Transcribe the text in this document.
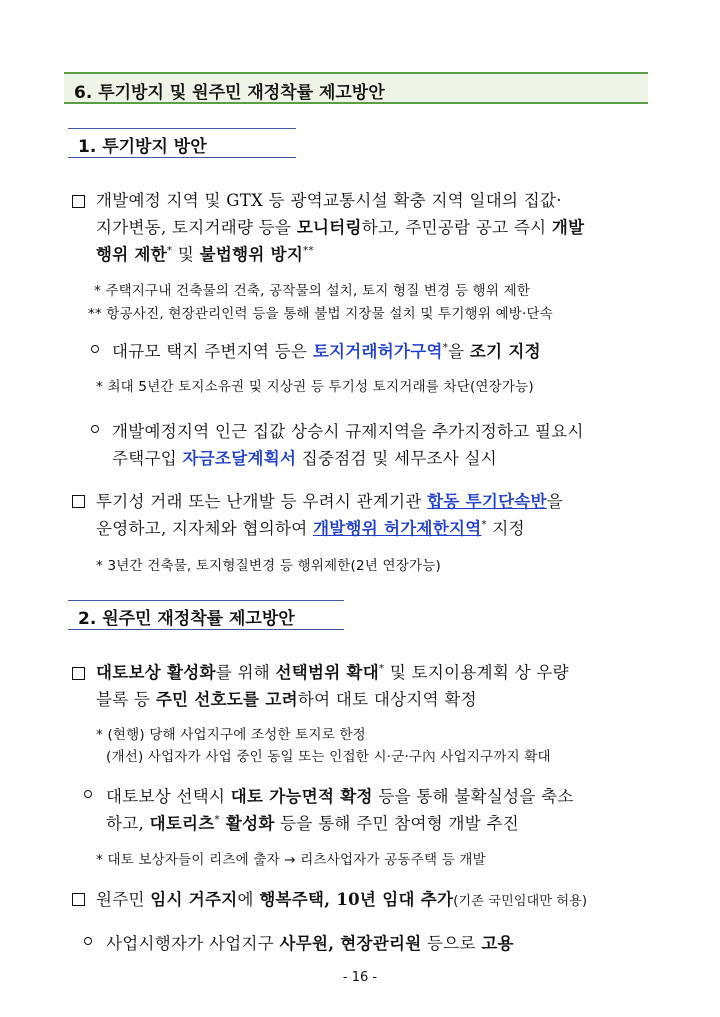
6. 투기방지 및 원주민 재정착률 제고방안
1. 투기방지 방안
개발예정 지역 및 GTX 등 광역교통시설 확충 지역 일대의 집값·
지가변동, 토지거래량 등을 모니터링하고, 주민공람 공고 즉시 개발
행위 제한* 및 불법행위 방지**
* 주택지구내 건축물의 건축, 공작물의 설치, 토지 형질 변경 등 행위 제한
** 항공사진, 현장관리인력 등을 통해 불법 지장물 설치 및 투기행위 예방·단속
대규모 택지 주변지역 등은 토지거래허가구역*을 조기 지정
* 최대 5년간 토지소유권 및 지상권 등 투기성 토지거래를 차단(연장가능)
개발예정지역 인근 집값 상승시 규제지역을 추가지정하고 필요시
주택구입 자금조달계획서 집중점검 및 세무조사 실시
투기성 거래 또는 난개발 등 우려시 관계기관 합동 투기단속반을
운영하고, 지자체와 협의하여 개발행위 허가제한지역* 지정
* 3년간 건축물, 토지형질변경 등 행위제한(2년 연장가능)
2. 원주민 재정착률 제고방안
대토보상 활성화를 위해 선택범위 확대* 및 토지이용계획 상 우량
블록 등 주민 선호도를 고려하여 대토 대상지역 확정
* (현행) 당해 사업지구에 조성한 토지로 한정
(개선) 사업자가 사업 중인 동일 또는 인접한 시·군·구內 사업지구까지 확대
대토보상 선택시 대토 가능면적 확정 등을 통해 불확실성을 축소
하고, 대토리츠* 활성화 등을 통해 주민 참여형 개발 추진
* 대토 보상자들이 리츠에 출자 → 리츠사업자가 공동주택 등 개발
원주민 임시 거주지에 행복주택, 10년 임대 추가(기존 국민임대만 허용)
사업시행자가 사업지구 사무원, 현장관리원 등으로 고용
- 16 -
